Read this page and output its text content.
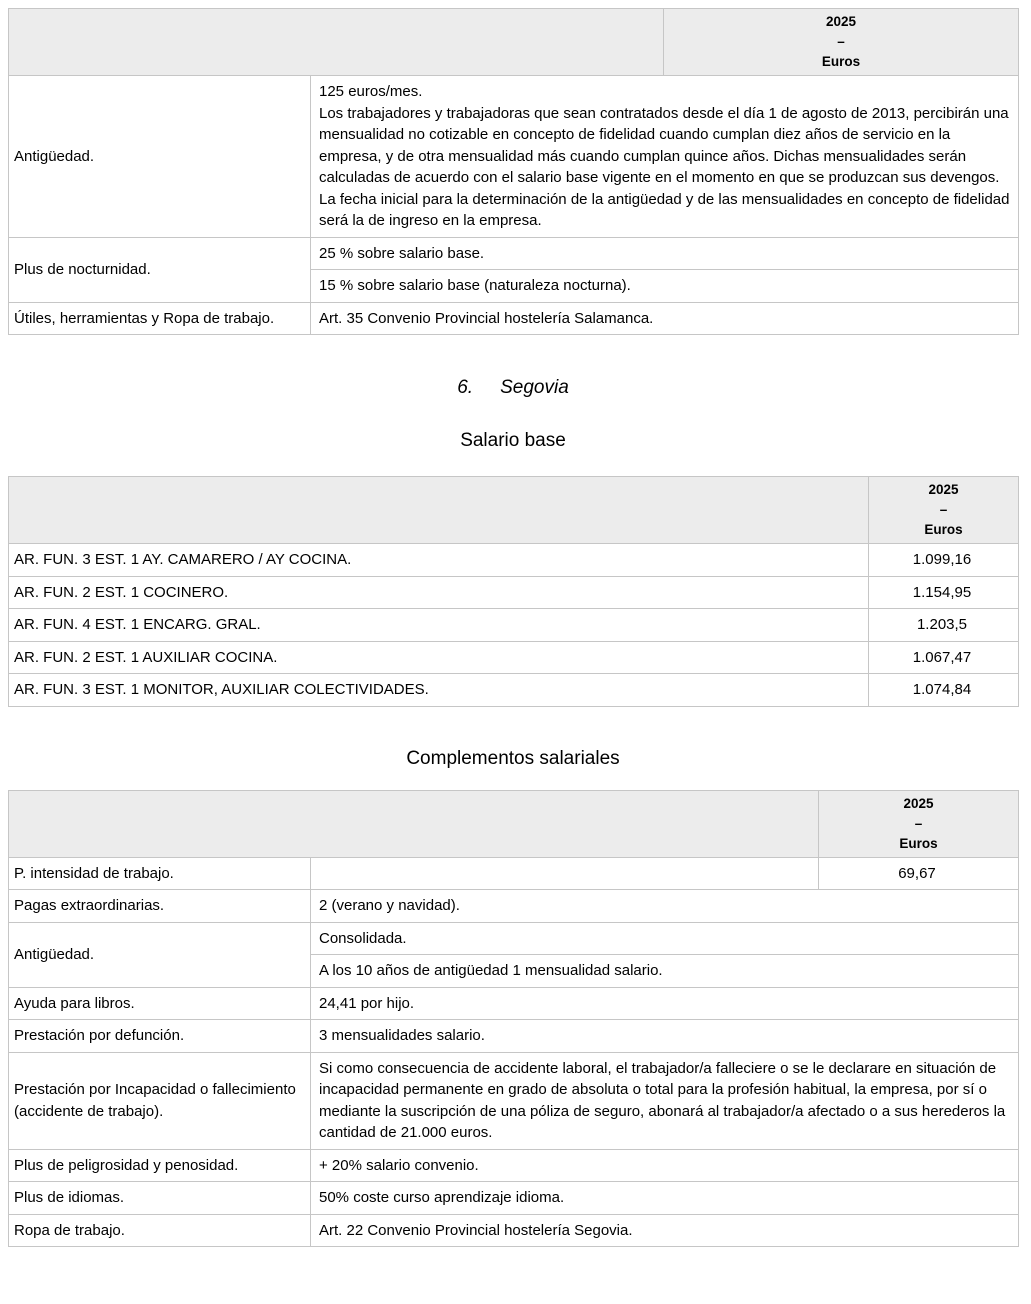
		2025
–
Euros

Antigüedad.	125 euros/mes.
Los trabajadores y trabajadoras que sean contratados desde el día 1 de agosto de 2013, percibirán una mensualidad no cotizable en concepto de fidelidad cuando cumplan diez años de servicio en la empresa, y de otra mensualidad más cuando cumplan quince años. Dichas mensualidades serán calculadas de acuerdo con el salario base vigente en el momento en que se produzcan sus devengos. La fecha inicial para la determinación de la antigüedad y de las mensualidades en concepto de fidelidad será la de ingreso en la empresa.	

Plus de nocturnidad.	25 % sobre salario base.	
	15 % sobre salario base (naturaleza nocturna).	
Útiles, herramientas y Ropa de trabajo.	Art. 35 Convenio Provincial hostelería Salamanca.	
6. Segovia
Salario base

	2025
–
Euros

AR. FUN. 3 EST. 1 AY. CAMARERO / AY COCINA.	1.099,16
AR. FUN. 2 EST. 1 COCINERO.	1.154,95
AR. FUN. 4 EST. 1 ENCARG. GRAL.	1.203,5
AR. FUN. 2 EST. 1 AUXILIAR COCINA.	1.067,47
AR. FUN. 3 EST. 1 MONITOR, AUXILIAR COLECTIVIDADES.	1.074,84
Complementos salariales

		2025
–
Euros

P. intensidad de trabajo.		69,67
Pagas extraordinarias.	2 (verano y navidad).	
Antigüedad.	Consolidada.	
	A los 10 años de antigüedad 1 mensualidad salario.	
Ayuda para libros.	24,41 por hijo.	
Prestación por defunción.	3 mensualidades salario.	
Prestación por Incapacidad o fallecimiento (accidente de trabajo).	Si como consecuencia de accidente laboral, el trabajador/a falleciere o se le declarare en situación de incapacidad permanente en grado de absoluta o total para la profesión habitual, la empresa, por sí o mediante la suscripción de una póliza de seguro, abonará al trabajador/a afectado o a sus herederos la cantidad de 21.000 euros.	
Plus de peligrosidad y penosidad.	+ 20% salario convenio.	
Plus de idiomas.	50% coste curso aprendizaje idioma.	
Ropa de trabajo.	Art. 22 Convenio Provincial hostelería Segovia.	
